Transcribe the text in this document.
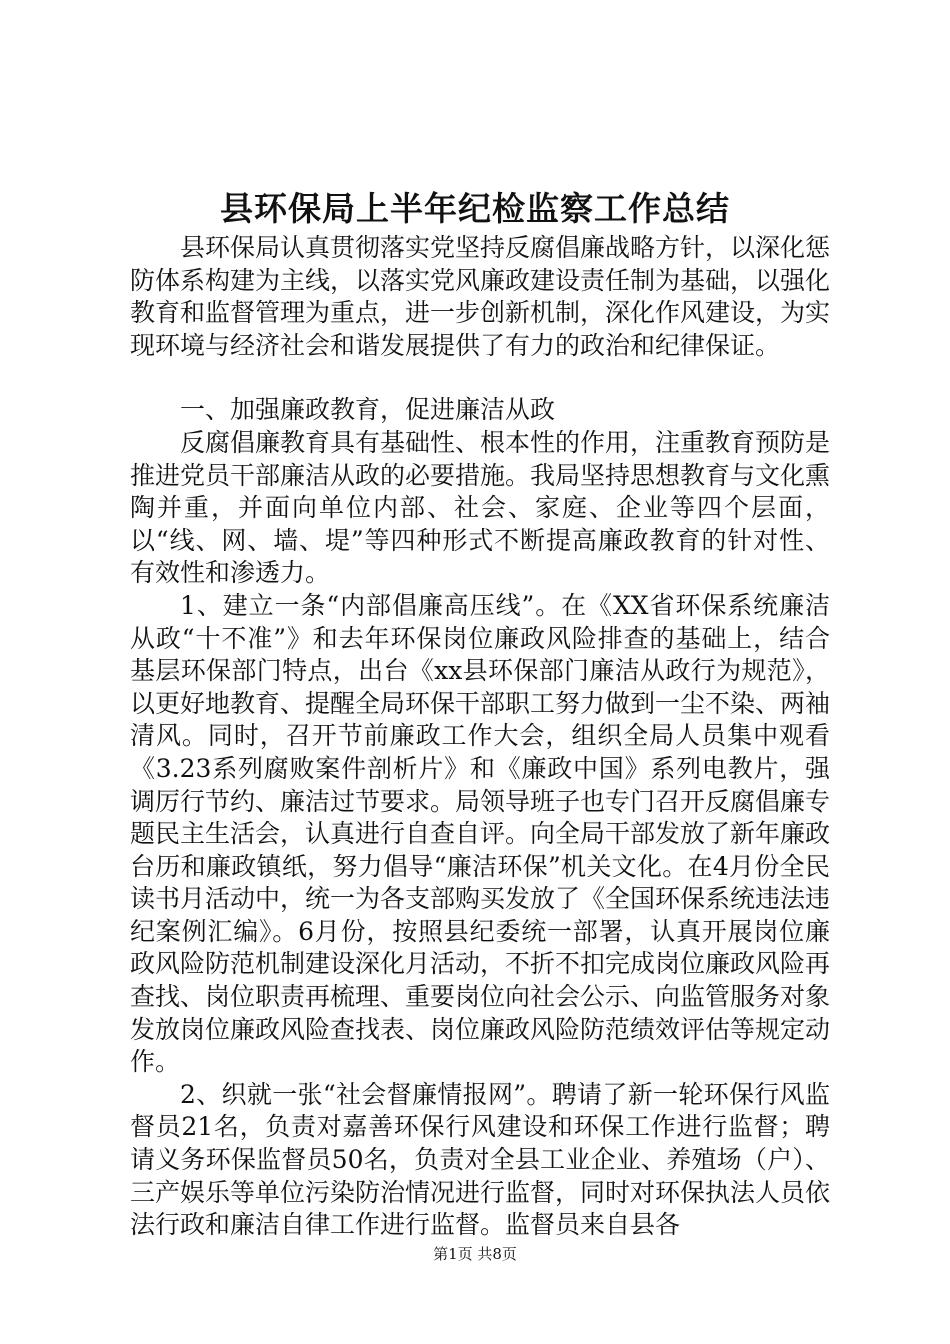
县环保局上半年纪检监察工作总结

县环保局认真贯彻落实党坚持反腐倡廉战略方针，以深化惩防体系构建为主线，以落实党风廉政建设责任制为基础，以强化教育和监督管理为重点，进一步创新机制，深化作风建设，为实现环境与经济社会和谐发展提供了有力的政治和纪律保证。

一、加强廉政教育，促进廉洁从政

反腐倡廉教育具有基础性、根本性的作用，注重教育预防是推进党员干部廉洁从政的必要措施。我局坚持思想教育与文化熏陶并重，并面向单位内部、社会、家庭、企业等四个层面，以“线、网、墙、堤”等四种形式不断提高廉政教育的针对性、有效性和渗透力。

1、建立一条“内部倡廉高压线”。在《XX省环保系统廉洁从政“十不准”》和去年环保岗位廉政风险排查的基础上，结合基层环保部门特点，出台《xx县环保部门廉洁从政行为规范》，以更好地教育、提醒全局环保干部职工努力做到一尘不染、两袖清风。同时，召开节前廉政工作大会，组织全局人员集中观看《3.23系列腐败案件剖析片》和《廉政中国》系列电教片，强调厉行节约、廉洁过节要求。局领导班子也专门召开反腐倡廉专题民主生活会，认真进行自查自评。向全局干部发放了新年廉政台历和廉政镇纸，努力倡导“廉洁环保”机关文化。在4月份全民读书月活动中，统一为各支部购买发放了《全国环保系统违法违纪案例汇编》。6月份，按照县纪委统一部署，认真开展岗位廉政风险防范机制建设深化月活动，不折不扣完成岗位廉政风险再查找、岗位职责再梳理、重要岗位向社会公示、向监管服务对象发放岗位廉政风险查找表、岗位廉政风险防范绩效评估等规定动作。

2、织就一张“社会督廉情报网”。聘请了新一轮环保行风监督员21名，负责对嘉善环保行风建设和环保工作进行监督；聘请义务环保监督员50名，负责对全县工业企业、养殖场（户）、三产娱乐等单位污染防治情况进行监督，同时对环保执法人员依法行政和廉洁自律工作进行监督。监督员来自县各

第1页 共8页
